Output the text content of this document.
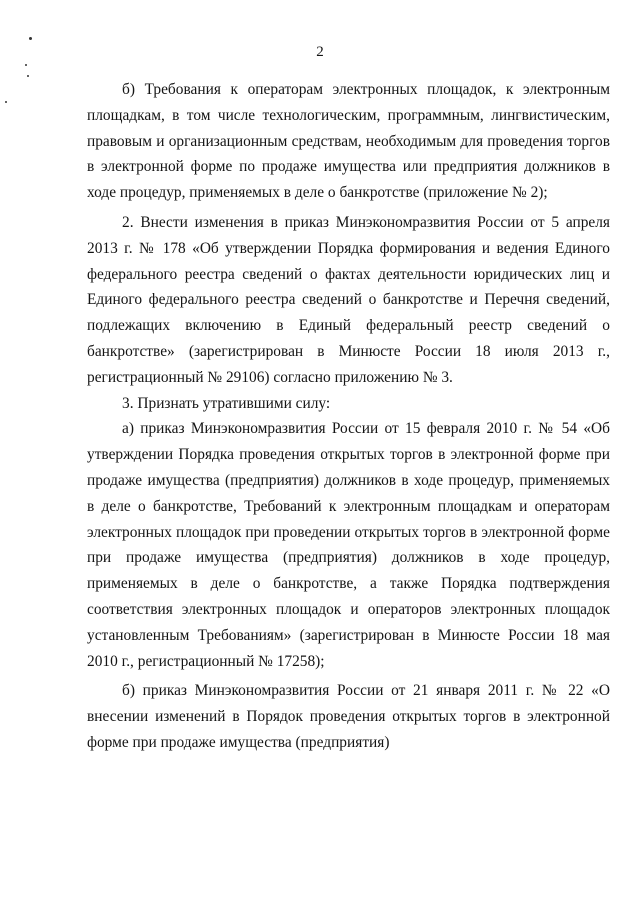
2

б) Требования к операторам электронных площадок, к электронным площадкам, в том числе технологическим, программным, лингвистическим, правовым и организационным средствам, необходимым для проведения торгов в электронной форме по продаже имущества или предприятия должников в ходе процедур, применяемых в деле о банкротстве (приложение № 2);

2. Внести изменения в приказ Минэкономразвития России от 5 апреля 2013 г. № 178 «Об утверждении Порядка формирования и ведения Единого федерального реестра сведений о фактах деятельности юридических лиц и Единого федерального реестра сведений о банкротстве и Перечня сведений, подлежащих включению в Единый федеральный реестр сведений о банкротстве» (зарегистрирован в Минюсте России 18 июля 2013 г., регистрационный № 29106) согласно приложению № 3.

3. Признать утратившими силу:

а) приказ Минэкономразвития России от 15 февраля 2010 г. № 54 «Об утверждении Порядка проведения открытых торгов в электронной форме при продаже имущества (предприятия) должников в ходе процедур, применяемых в деле о банкротстве, Требований к электронным площадкам и операторам электронных площадок при проведении открытых торгов в электронной форме при продаже имущества (предприятия) должников в ходе процедур, применяемых в деле о банкротстве, а также Порядка подтверждения соответствия электронных площадок и операторов электронных площадок установленным Требованиям» (зарегистрирован в Минюсте России 18 мая 2010 г., регистрационный № 17258);

б) приказ Минэкономразвития России от 21 января 2011 г. № 22 «О внесении изменений в Порядок проведения открытых торгов в электронной форме при продаже имущества (предприятия)
